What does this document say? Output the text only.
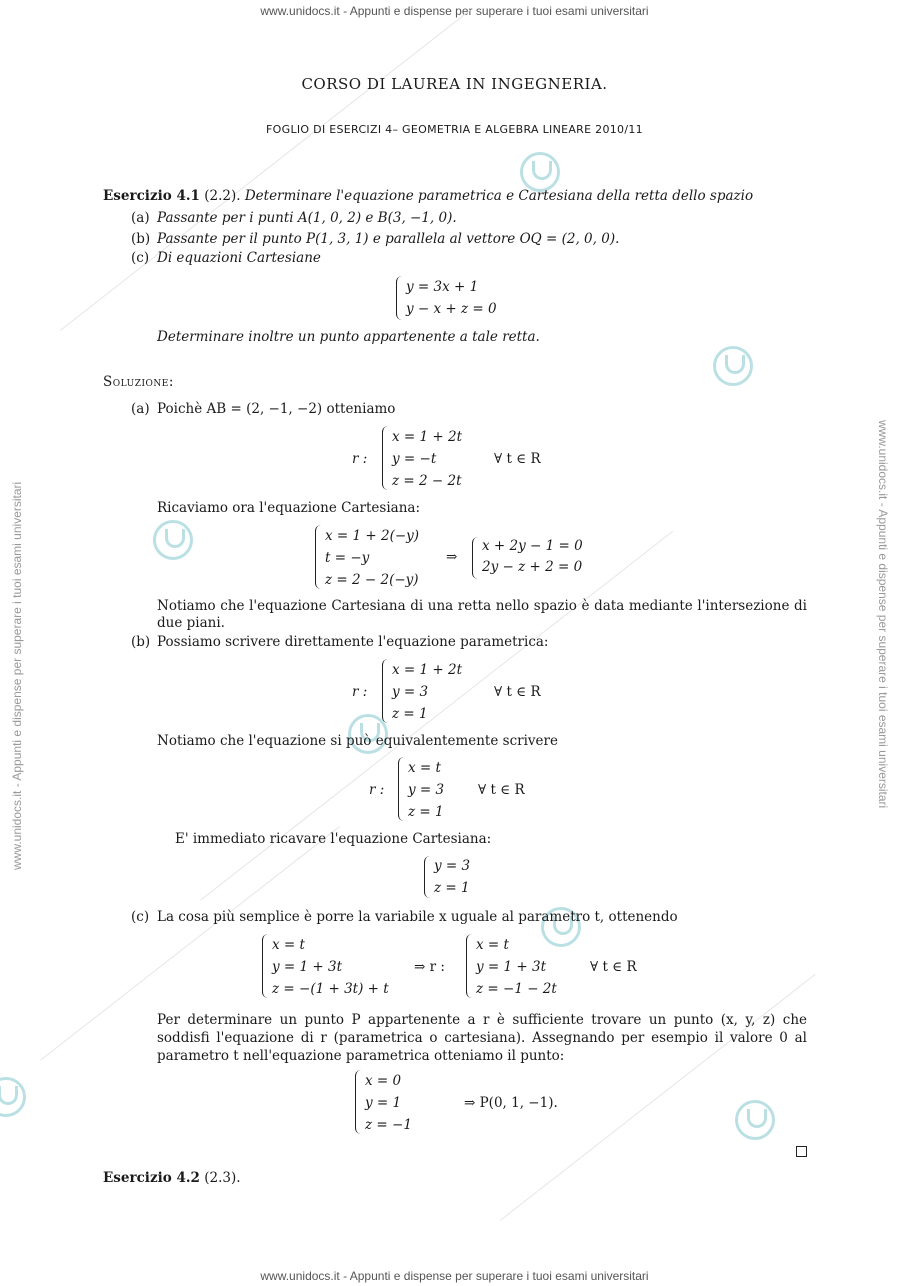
www.unidocs.it - Appunti e dispense per superare i tuoi esami universitari
www.unidocs.it - Appunti e dispense per superare i tuoi esami universitari
www.unidocs.it - Appunti e dispense per superare i tuoi esami universitari	www.unidocs.it - Appunti e dispense per superare i tuoi esami universitari
CORSO DI LAUREA IN INGEGNERIA.
FOGLIO DI ESERCIZI 4– GEOMETRIA E ALGEBRA LINEARE 2010/11
Esercizio 4.1 (2.2). Determinare l'equazione parametrica e Cartesiana della retta dello spazio
(a) Passante per i punti A(1, 0, 2) e B(3, −1, 0).
(b) Passante per il punto P(1, 3, 1) e parallela al vettore OQ = (2, 0, 0).
(c) Di equazioni Cartesiane
y = 3x + 1
y − x + z = 0
Determinare inoltre un punto appartenente a tale retta.
Soluzione:
(a) Poichè AB = (2, −1, −2) otteniamo
r :
x = 1 + 2t
y = −t
z = 2 − 2t
∀ t ∈ R
Ricaviamo ora l'equazione Cartesiana:
x = 1 + 2(−y)
t = −y
z = 2 − 2(−y)
⇒
x + 2y − 1 = 0
2y − z + 2 = 0
Notiamo che l'equazione Cartesiana di una retta nello spazio è data mediante l'intersezione di due piani.
(b) Possiamo scrivere direttamente l'equazione parametrica:
r :
x = 1 + 2t
y = 3
z = 1
∀ t ∈ R
Notiamo che l'equazione si può equivalentemente scrivere
r :
x = t
y = 3
z = 1
∀ t ∈ R
E' immediato ricavare l'equazione Cartesiana:
y = 3
z = 1
(c) La cosa più semplice è porre la variabile x uguale al parametro t, ottenendo
x = t
y = 1 + 3t
z = −(1 + 3t) + t
⇒ r :
x = t
y = 1 + 3t
z = −1 − 2t
∀ t ∈ R
Per determinare un punto P appartenente a r è sufficiente trovare un punto (x, y, z) che soddisfi l'equazione di r (parametrica o cartesiana). Assegnando per esempio il valore 0 al parametro t nell'equazione parametrica otteniamo il punto:
x = 0
y = 1
z = −1
⇒ P(0, 1, −1).
Esercizio 4.2 (2.3).
